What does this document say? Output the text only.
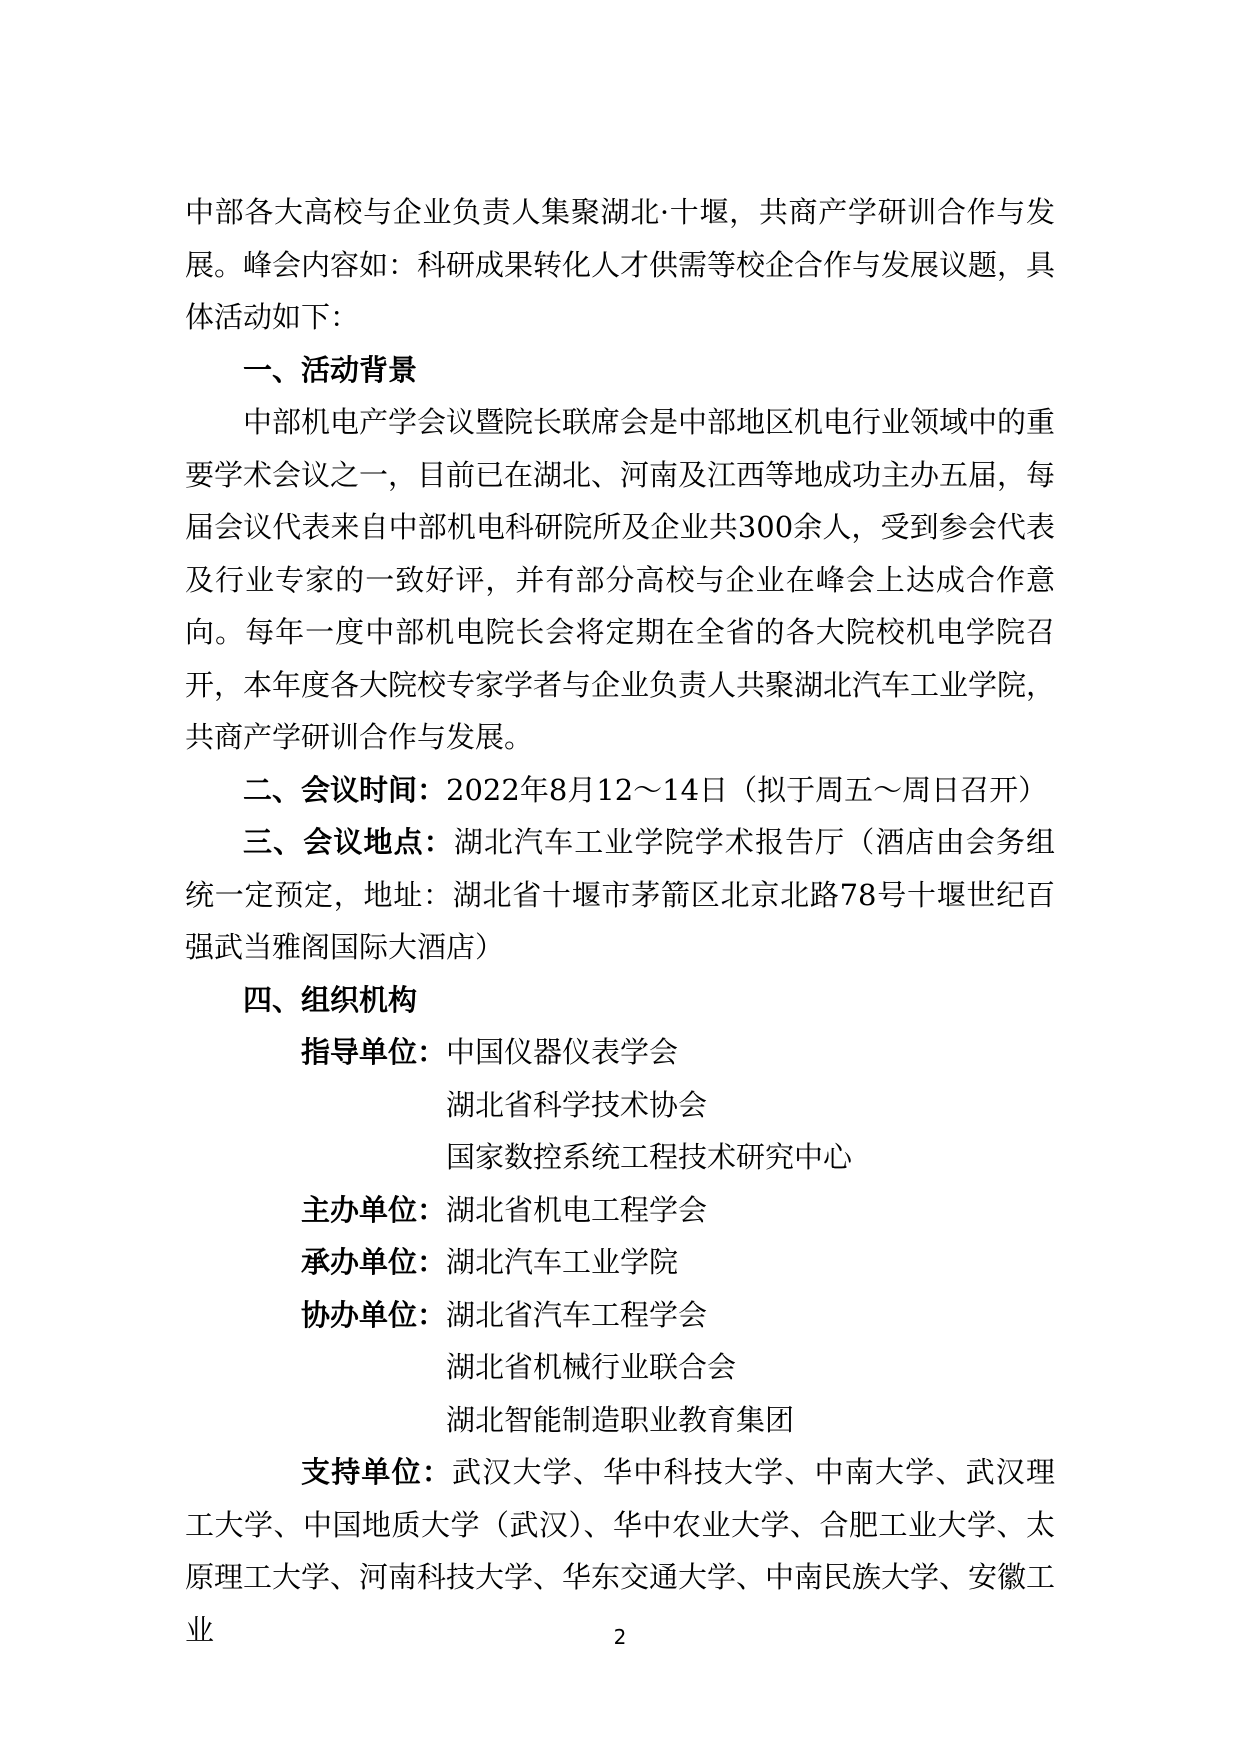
中部各大高校与企业负责人集聚湖北·十堰，共商产学研训合作与发展。峰会内容如：科研成果转化人才供需等校企合作与发展议题，具体活动如下：

一、活动背景

中部机电产学会议暨院长联席会是中部地区机电行业领域中的重要学术会议之一，目前已在湖北、河南及江西等地成功主办五届，每届会议代表来自中部机电科研院所及企业共300余人，受到参会代表及行业专家的一致好评，并有部分高校与企业在峰会上达成合作意向。每年一度中部机电院长会将定期在全省的各大院校机电学院召开，本年度各大院校专家学者与企业负责人共聚湖北汽车工业学院，共商产学研训合作与发展。

二、会议时间：2022年8月12～14日（拟于周五～周日召开）

三、会议地点：湖北汽车工业学院学术报告厅（酒店由会务组统一定预定，地址：湖北省十堰市茅箭区北京北路78号十堰世纪百强武当雅阁国际大酒店）

四、组织机构

指导单位： 中国仪器仪表学会
湖北省科学技术协会
国家数控系统工程技术研究中心
主办单位： 湖北省机电工程学会
承办单位： 湖北汽车工业学院
协办单位： 湖北省汽车工程学会
湖北省机械行业联合会
湖北智能制造职业教育集团

支持单位：武汉大学、华中科技大学、中南大学、武汉理工大学、中国地质大学（武汉）、华中农业大学、合肥工业大学、太原理工大学、河南科技大学、华东交通大学、中南民族大学、安徽工业	2
